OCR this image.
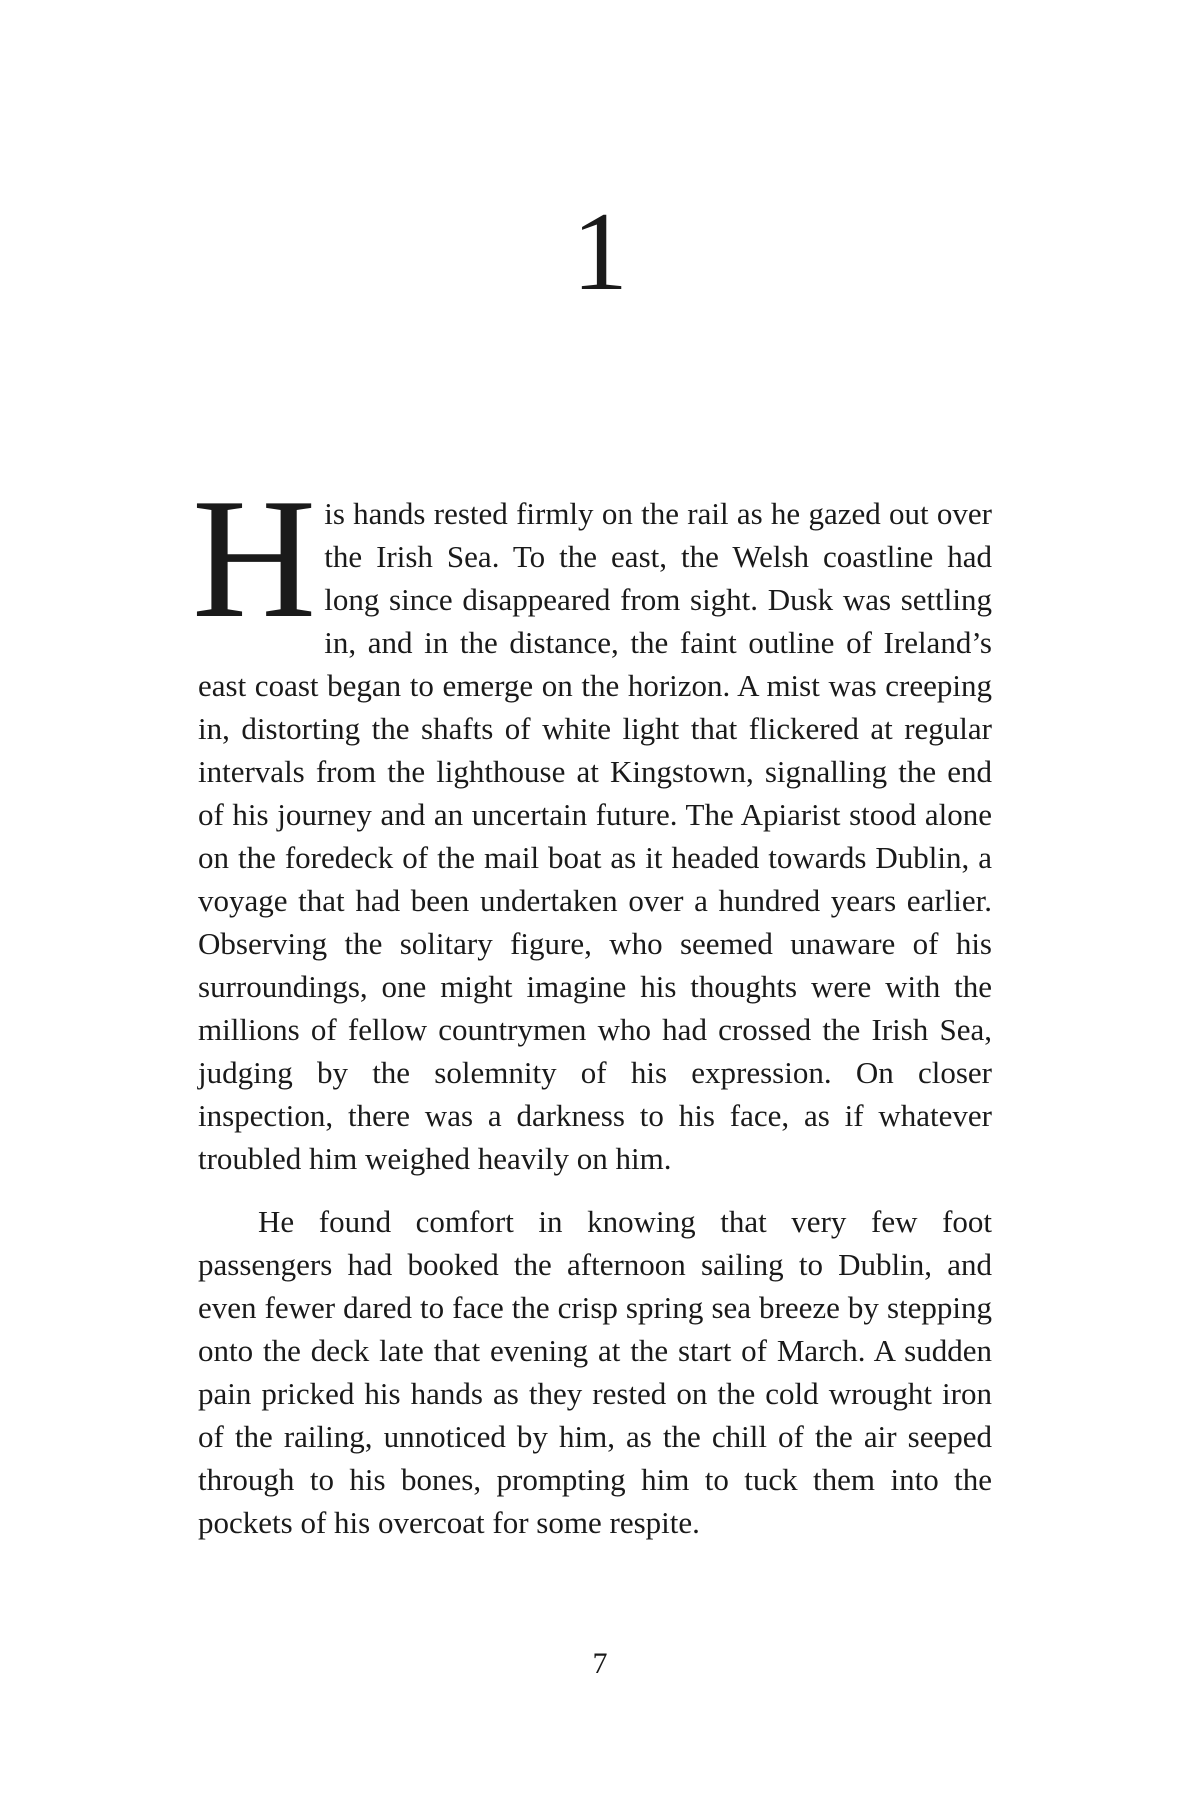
1

His hands rested firmly on the rail as he gazed out over the Irish Sea. To the east, the Welsh coastline had long since disappeared from sight. Dusk was settling in, and in the distance, the faint outline of Ireland’s east coast began to emerge on the horizon. A mist was creeping in, distorting the shafts of white light that flickered at regular intervals from the lighthouse at Kingstown, signalling the end of his journey and an uncertain future. The Apiarist stood alone on the foredeck of the mail boat as it headed towards Dublin, a voyage that had been undertaken over a hundred years earlier. Observing the solitary figure, who seemed unaware of his surroundings, one might imagine his thoughts were with the millions of fellow countrymen who had crossed the Irish Sea, judging by the solemnity of his expression. On closer inspection, there was a darkness to his face, as if whatever troubled him weighed heavily on him.

He found comfort in knowing that very few foot passengers had booked the afternoon sailing to Dublin, and even fewer dared to face the crisp spring sea breeze by stepping onto the deck late that evening at the start of March. A sudden pain pricked his hands as they rested on the cold wrought iron of the railing, unnoticed by him, as the chill of the air seeped through to his bones, prompting him to tuck them into the pockets of his overcoat for some respite.

7
